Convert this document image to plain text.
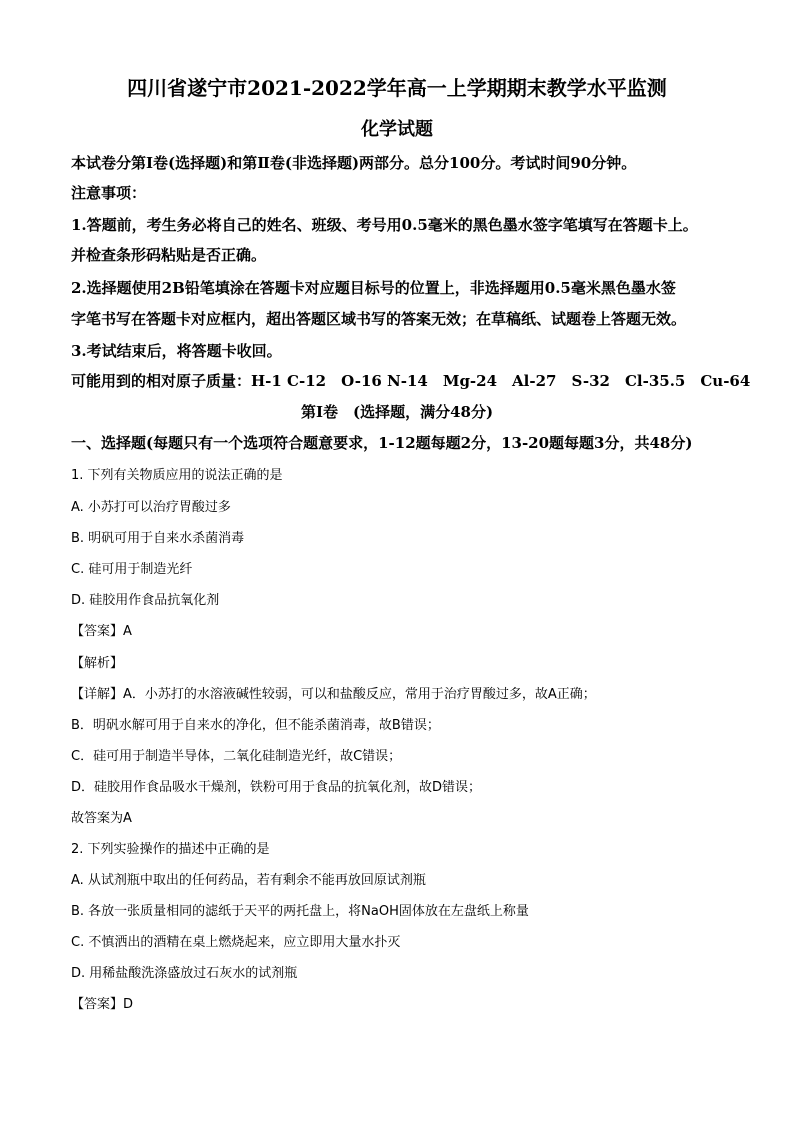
四川省遂宁市2021-2022学年高一上学期期末教学水平监测
化学试题
本试卷分第Ⅰ卷(选择题)和第Ⅱ卷(非选择题)两部分。总分100分。考试时间90分钟。
注意事项：
1.答题前，考生务必将自己的姓名、班级、考号用0.5毫米的黑色墨水签字笔填写在答题卡上。
并检查条形码粘贴是否正确。
2.选择题使用2B铅笔填涂在答题卡对应题目标号的位置上，非选择题用0.5毫米黑色墨水签
字笔书写在答题卡对应框内，超出答题区域书写的答案无效；在草稿纸、试题卷上答题无效。
3.考试结束后，将答题卡收回。
可能用到的相对原子质量：H-1 C-12　O-16 N-14　Mg-24　Al-27　S-32　Cl-35.5　Cu-64
第Ⅰ卷　(选择题，满分48分)
一、选择题(每题只有一个选项符合题意要求，1-12题每题2分，13-20题每题3分，共48分)
1. 下列有关物质应用的说法正确的是
A. 小苏打可以治疗胃酸过多
B. 明矾可用于自来水杀菌消毒
C. 硅可用于制造光纤
D. 硅胶用作食品抗氧化剂
【答案】A
【解析】
【详解】A．小苏打的水溶液碱性较弱，可以和盐酸反应，常用于治疗胃酸过多，故A正确；
B．明矾水解可用于自来水的净化，但不能杀菌消毒，故B错误；
C．硅可用于制造半导体，二氧化硅制造光纤，故C错误；
D．硅胶用作食品吸水干燥剂，铁粉可用于食品的抗氧化剂，故D错误；
故答案为A
2. 下列实验操作的描述中正确的是
A. 从试剂瓶中取出的任何药品，若有剩余不能再放回原试剂瓶
B. 各放一张质量相同的滤纸于天平的两托盘上，将NaOH固体放在左盘纸上称量
C. 不慎洒出的酒精在桌上燃烧起来，应立即用大量水扑灭
D. 用稀盐酸洗涤盛放过石灰水的试剂瓶
【答案】D
